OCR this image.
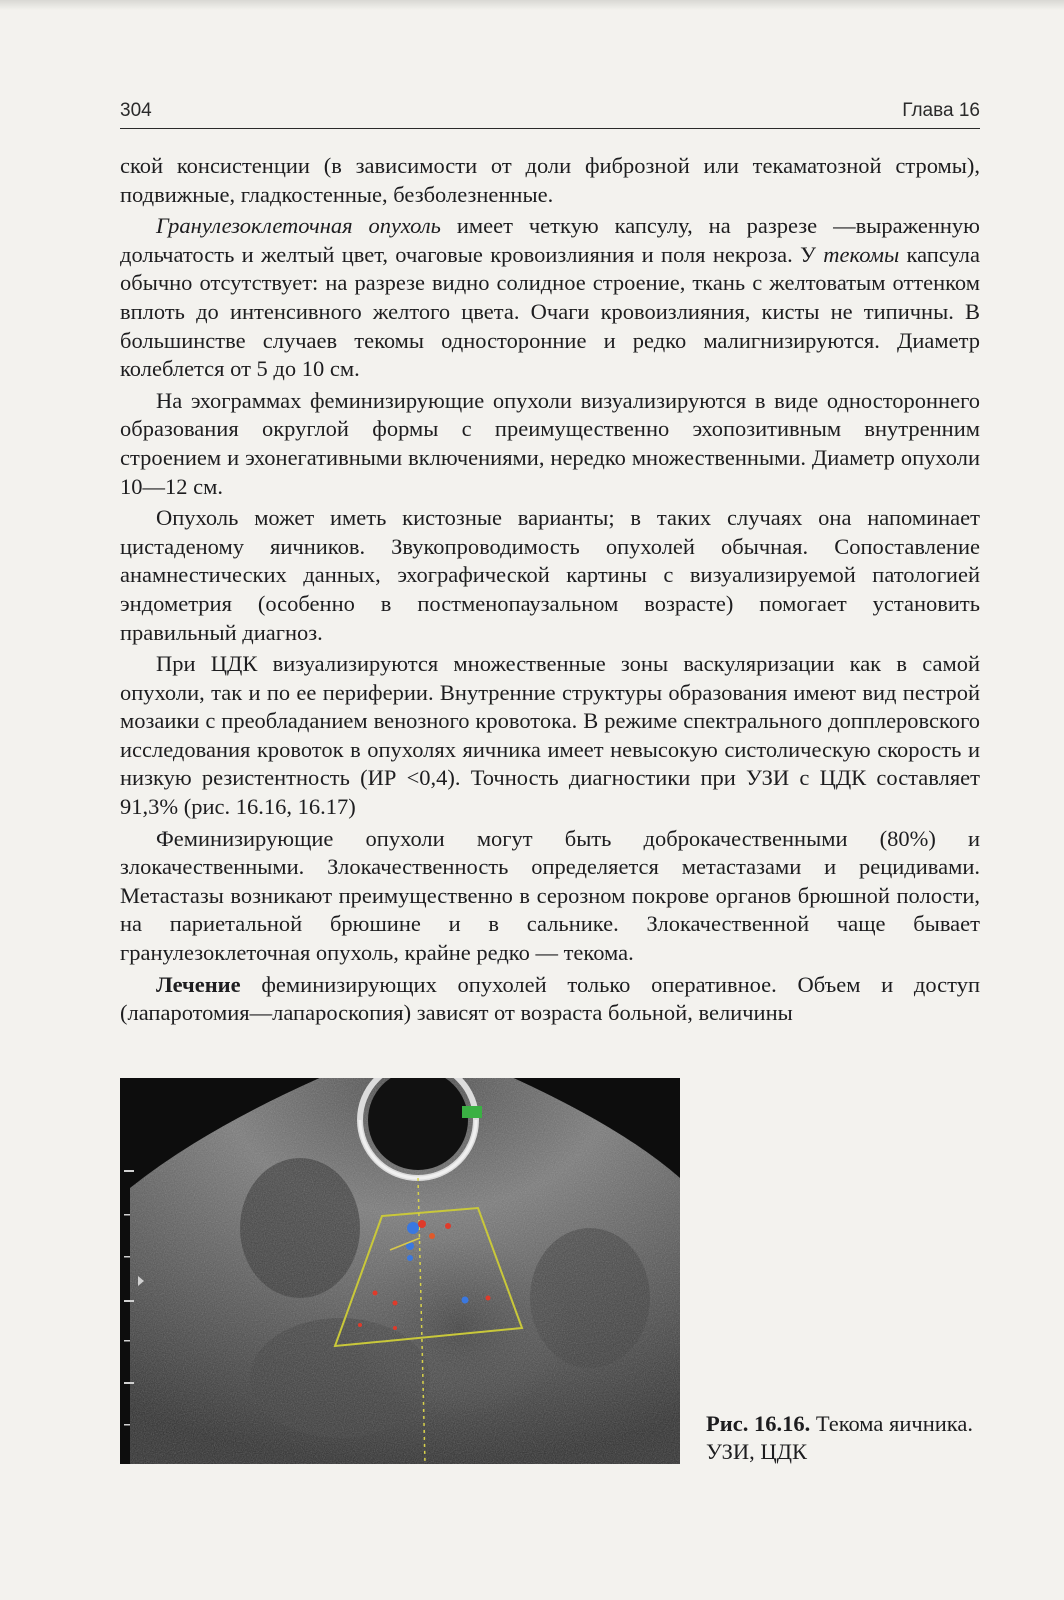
304	Глава 16

ской консистенции (в зависимости от доли фиброзной или текаматозной стромы), подвижные, гладкостенные, безболезненные.

Гранулезоклеточная опухоль имеет четкую капсулу, на разрезе —выраженную дольчатость и желтый цвет, очаговые кровоизлияния и поля некроза. У текомы капсула обычно отсутствует: на разрезе видно солидное строение, ткань с желтоватым оттенком вплоть до интенсивного желтого цвета. Очаги кровоизлияния, кисты не типичны. В большинстве случаев текомы односторонние и редко малигнизируются. Диаметр колеблется от 5 до 10 см.

На эхограммах феминизирующие опухоли визуализируются в виде одностороннего образования округлой формы с преимущественно эхопозитивным внутренним строением и эхонегативными включениями, нередко множественными. Диаметр опухоли 10—12 см.

Опухоль может иметь кистозные варианты; в таких случаях она напоминает цистаденому яичников. Звукопроводимость опухолей обычная. Сопоставление анамнестических данных, эхографической картины с визуализируемой патологией эндометрия (особенно в постменопаузальном возрасте) помогает установить правильный диагноз.

При ЦДК визуализируются множественные зоны васкуляризации как в самой опухоли, так и по ее периферии. Внутренние структуры образования имеют вид пестрой мозаики с преобладанием венозного кровотока. В режиме спектрального допплеровского исследования кровоток в опухолях яичника имеет невысокую систолическую скорость и низкую резистентность (ИР <0,4). Точность диагностики при УЗИ с ЦДК составляет 91,3% (рис. 16.16, 16.17)

Феминизирующие опухоли могут быть доброкачественными (80%) и злокачественными. Злокачественность определяется метастазами и рецидивами. Метастазы возникают преимущественно в серозном покрове органов брюшной полости, на париетальной брюшине и в сальнике. Злокачественной чаще бывает гранулезоклеточная опухоль, крайне редко — текома.

Лечение феминизирующих опухолей только оперативное. Объем и доступ (лапаротомия—лапароскопия) зависят от возраста больной, величины

Рис. 16.16. Текома яичника. УЗИ, ЦДК
